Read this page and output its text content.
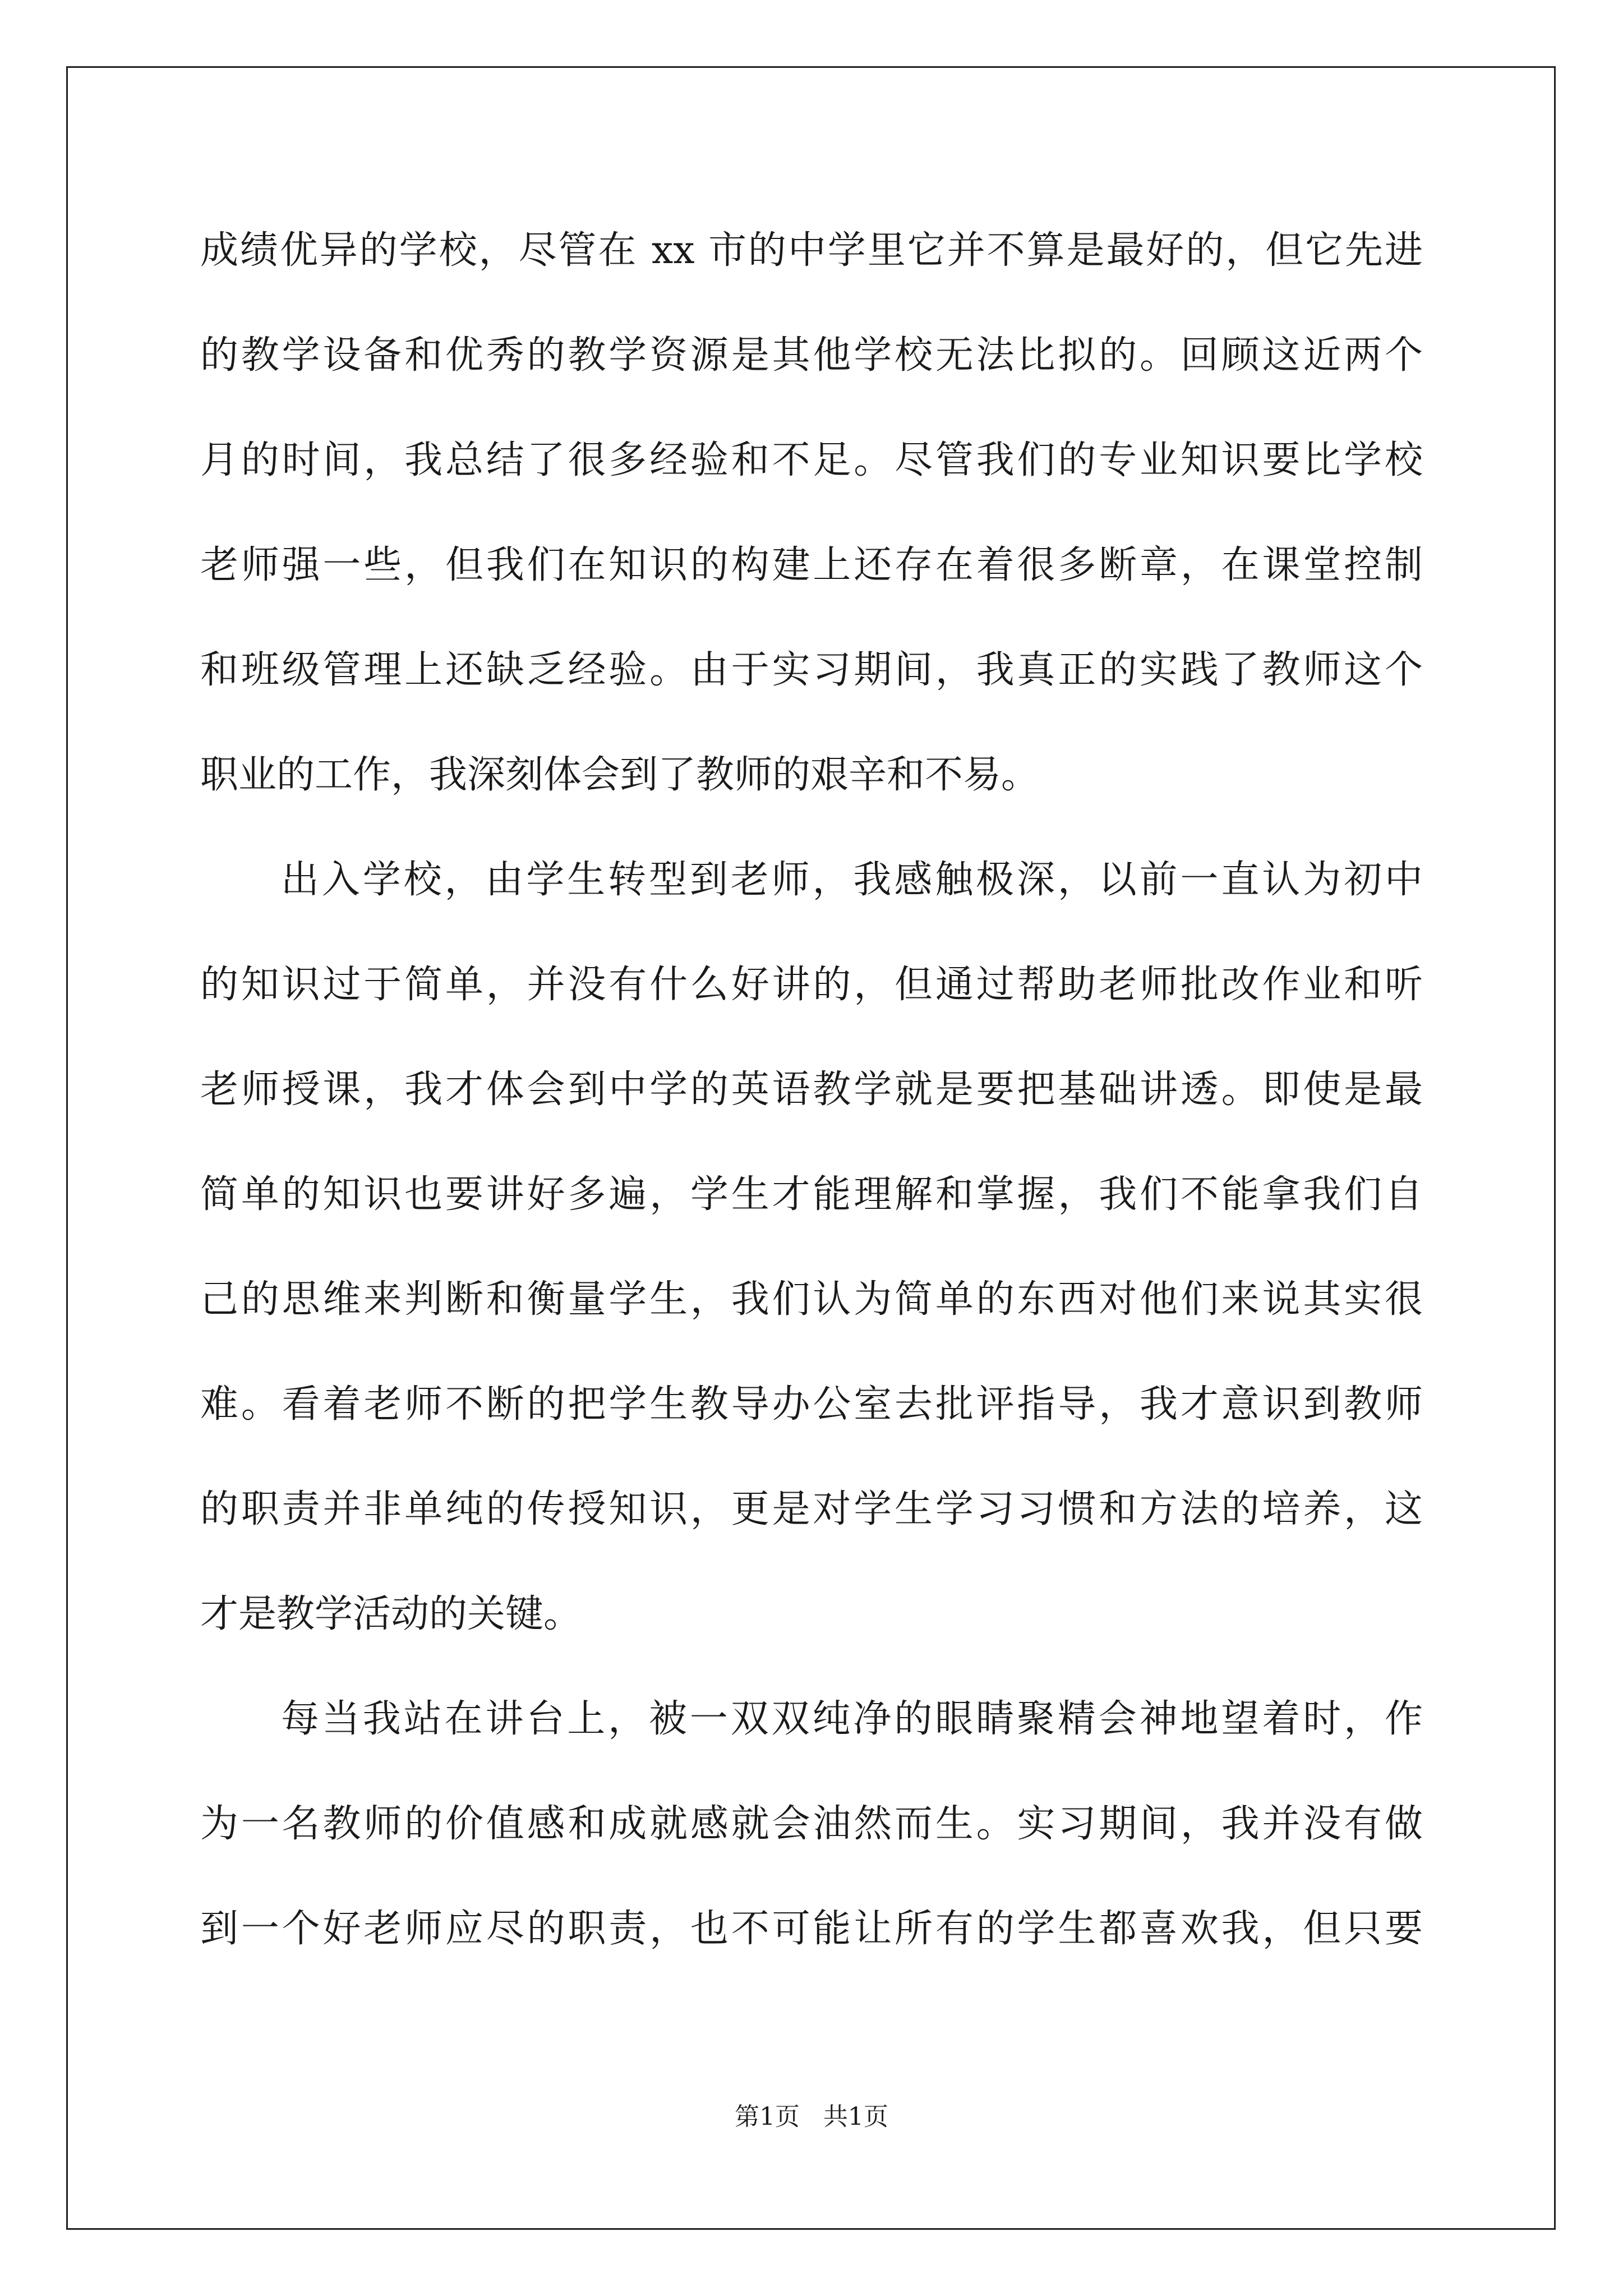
成绩优异的学校，尽管在 xx 市的中学里它并不算是最好的，但它先进
的教学设备和优秀的教学资源是其他学校无法比拟的。回顾这近两个
月的时间，我总结了很多经验和不足。尽管我们的专业知识要比学校
老师强一些，但我们在知识的构建上还存在着很多断章，在课堂控制
和班级管理上还缺乏经验。由于实习期间，我真正的实践了教师这个
职业的工作，我深刻体会到了教师的艰辛和不易。
出入学校，由学生转型到老师，我感触极深，以前一直认为初中
的知识过于简单，并没有什么好讲的，但通过帮助老师批改作业和听
老师授课，我才体会到中学的英语教学就是要把基础讲透。即使是最
简单的知识也要讲好多遍，学生才能理解和掌握，我们不能拿我们自
己的思维来判断和衡量学生，我们认为简单的东西对他们来说其实很
难。看着老师不断的把学生教导办公室去批评指导，我才意识到教师
的职责并非单纯的传授知识，更是对学生学习习惯和方法的培养，这
才是教学活动的关键。
每当我站在讲台上，被一双双纯净的眼睛聚精会神地望着时，作
为一名教师的价值感和成就感就会油然而生。实习期间，我并没有做
到一个好老师应尽的职责，也不可能让所有的学生都喜欢我，但只要
第1页   共1页
